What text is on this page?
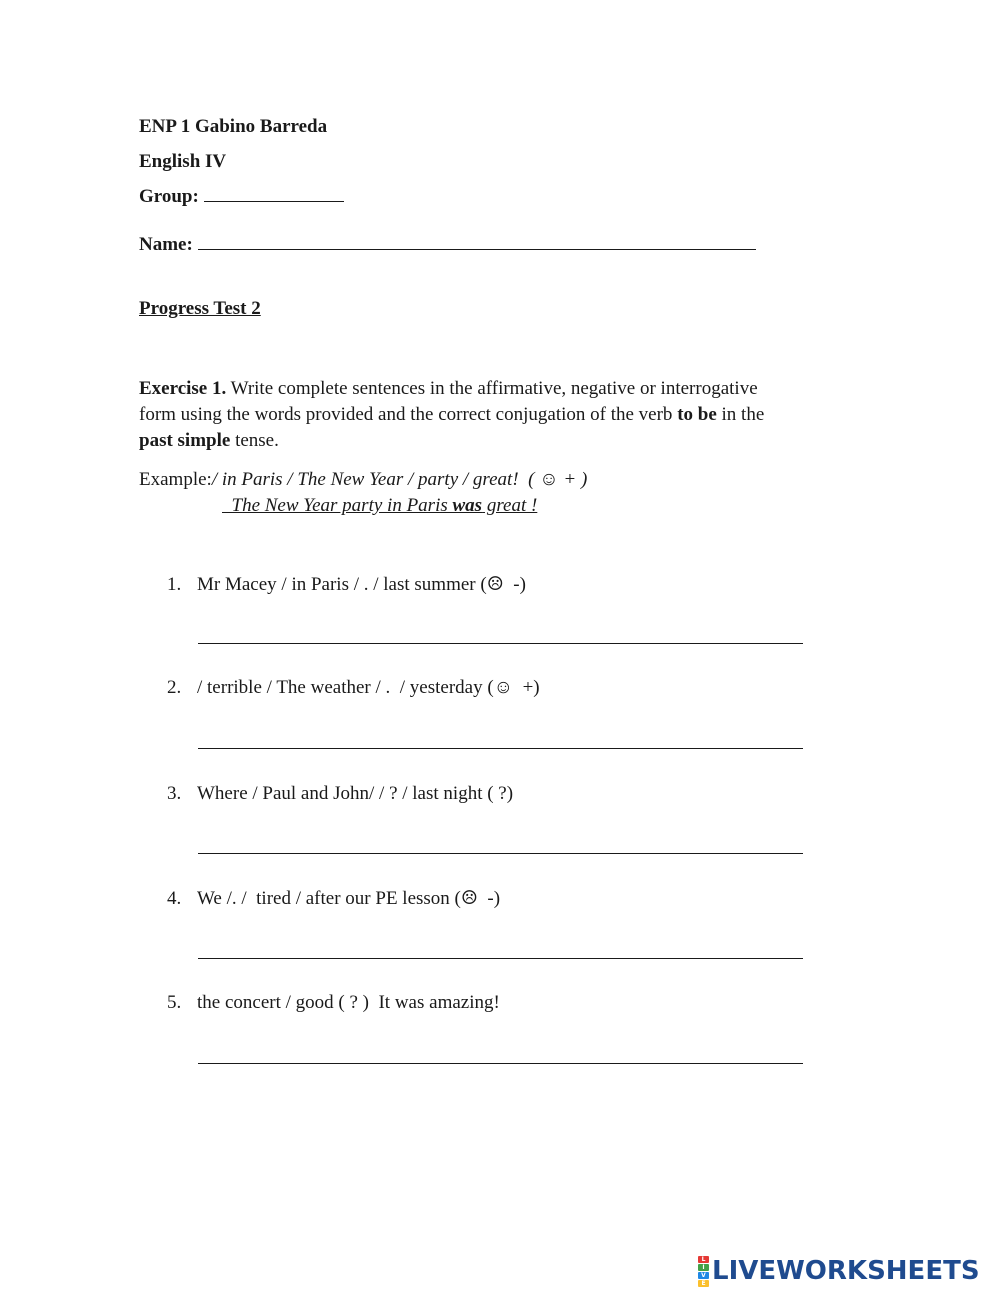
ENP 1 Gabino Barreda
English IV
Group:
Name:
Progress Test 2
Exercise 1. Write complete sentences in the affirmative, negative or interrogative
form using the words provided and the correct conjugation of the verb to be in the
past simple tense.
Example:/ in Paris / The New Year / party / great!  ( ☺ + )
The New Year party in Paris was great !
1. Mr Macey / in Paris / . / last summer (☹  -)
2. / terrible / The weather / .  / yesterday (☺  +)
3. Where / Paul and John/ / ? / last night ( ?)
4. We /. /  tired / after our PE lesson (☹  -)
5. the concert / good ( ? )  It was amazing!
L
I
V
E LIVEWORKSHEETS
